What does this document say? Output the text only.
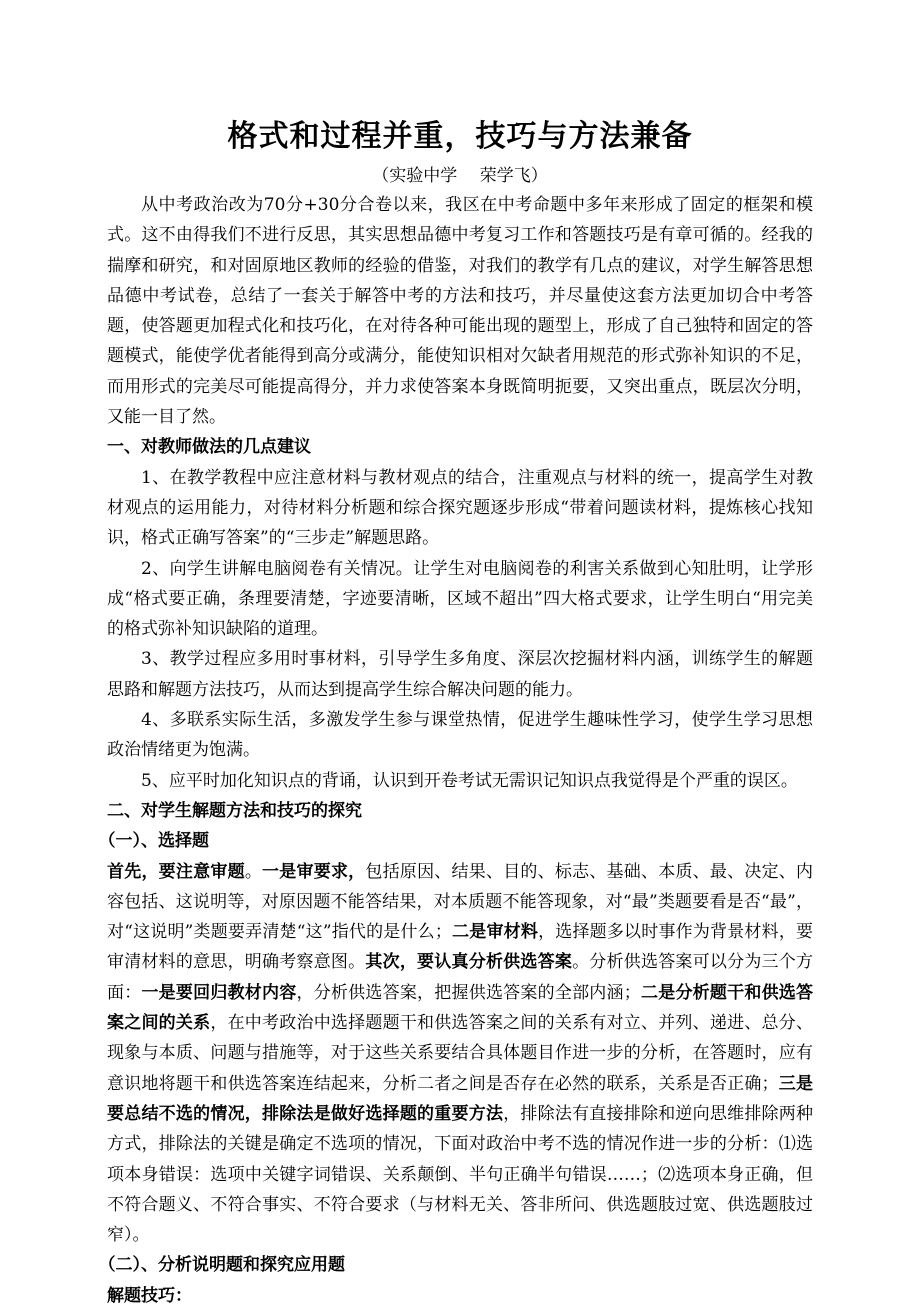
格式和过程并重，技巧与方法兼备

（实验中学　 荣学飞）

从中考政治改为70分+30分合卷以来，我区在中考命题中多年来形成了固定的框架和模式。这不由得我们不进行反思，其实思想品德中考复习工作和答题技巧是有章可循的。经我的揣摩和研究，和对固原地区教师的经验的借鉴，对我们的教学有几点的建议，对学生解答思想品德中考试卷，总结了一套关于解答中考的方法和技巧，并尽量使这套方法更加切合中考答题，使答题更加程式化和技巧化，在对待各种可能出现的题型上，形成了自己独特和固定的答题模式，能使学优者能得到高分或满分，能使知识相对欠缺者用规范的形式弥补知识的不足，而用形式的完美尽可能提高得分，并力求使答案本身既简明扼要，又突出重点，既层次分明，又能一目了然。

一、对教师做法的几点建议

1、在教学教程中应注意材料与教材观点的结合，注重观点与材料的统一，提高学生对教材观点的运用能力，对待材料分析题和综合探究题逐步形成“带着问题读材料，提炼核心找知识，格式正确写答案”的“三步走”解题思路。

2、向学生讲解电脑阅卷有关情况。让学生对电脑阅卷的利害关系做到心知肚明，让学形成“格式要正确，条理要清楚，字迹要清晰，区域不超出”四大格式要求，让学生明白“用完美的格式弥补知识缺陷的道理。

3、教学过程应多用时事材料，引导学生多角度、深层次挖掘材料内涵，训练学生的解题思路和解题方法技巧，从而达到提高学生综合解决问题的能力。

4、多联系实际生活，多激发学生参与课堂热情，促进学生趣味性学习，使学生学习思想政治情绪更为饱满。

5、应平时加化知识点的背诵，认识到开卷考试无需识记知识点我觉得是个严重的误区。

二、对学生解题方法和技巧的探究

（一）、选择题

首先，要注意审题。一是审要求，包括原因、结果、目的、标志、基础、本质、最、决定、内容包括、这说明等，对原因题不能答结果，对本质题不能答现象，对“最”类题要看是否“最”，对“这说明”类题要弄清楚“这”指代的是什么；二是审材料，选择题多以时事作为背景材料，要审清材料的意思，明确考察意图。其次，要认真分析供选答案。分析供选答案可以分为三个方面：一是要回归教材内容，分析供选答案，把握供选答案的全部内涵；二是分析题干和供选答案之间的关系，在中考政治中选择题题干和供选答案之间的关系有对立、并列、递进、总分、现象与本质、问题与措施等，对于这些关系要结合具体题目作进一步的分析，在答题时，应有意识地将题干和供选答案连结起来，分析二者之间是否存在必然的联系，关系是否正确；三是要总结不选的情况，排除法是做好选择题的重要方法，排除法有直接排除和逆向思维排除两种方式，排除法的关键是确定不选项的情况，下面对政治中考不选的情况作进一步的分析：⑴选项本身错误：选项中关键字词错误、关系颠倒、半句正确半句错误……；⑵选项本身正确，但不符合题义、不符合事实、不符合要求（与材料无关、答非所问、供选题肢过宽、供选题肢过窄）。

（二）、分析说明题和探究应用题

解题技巧：
